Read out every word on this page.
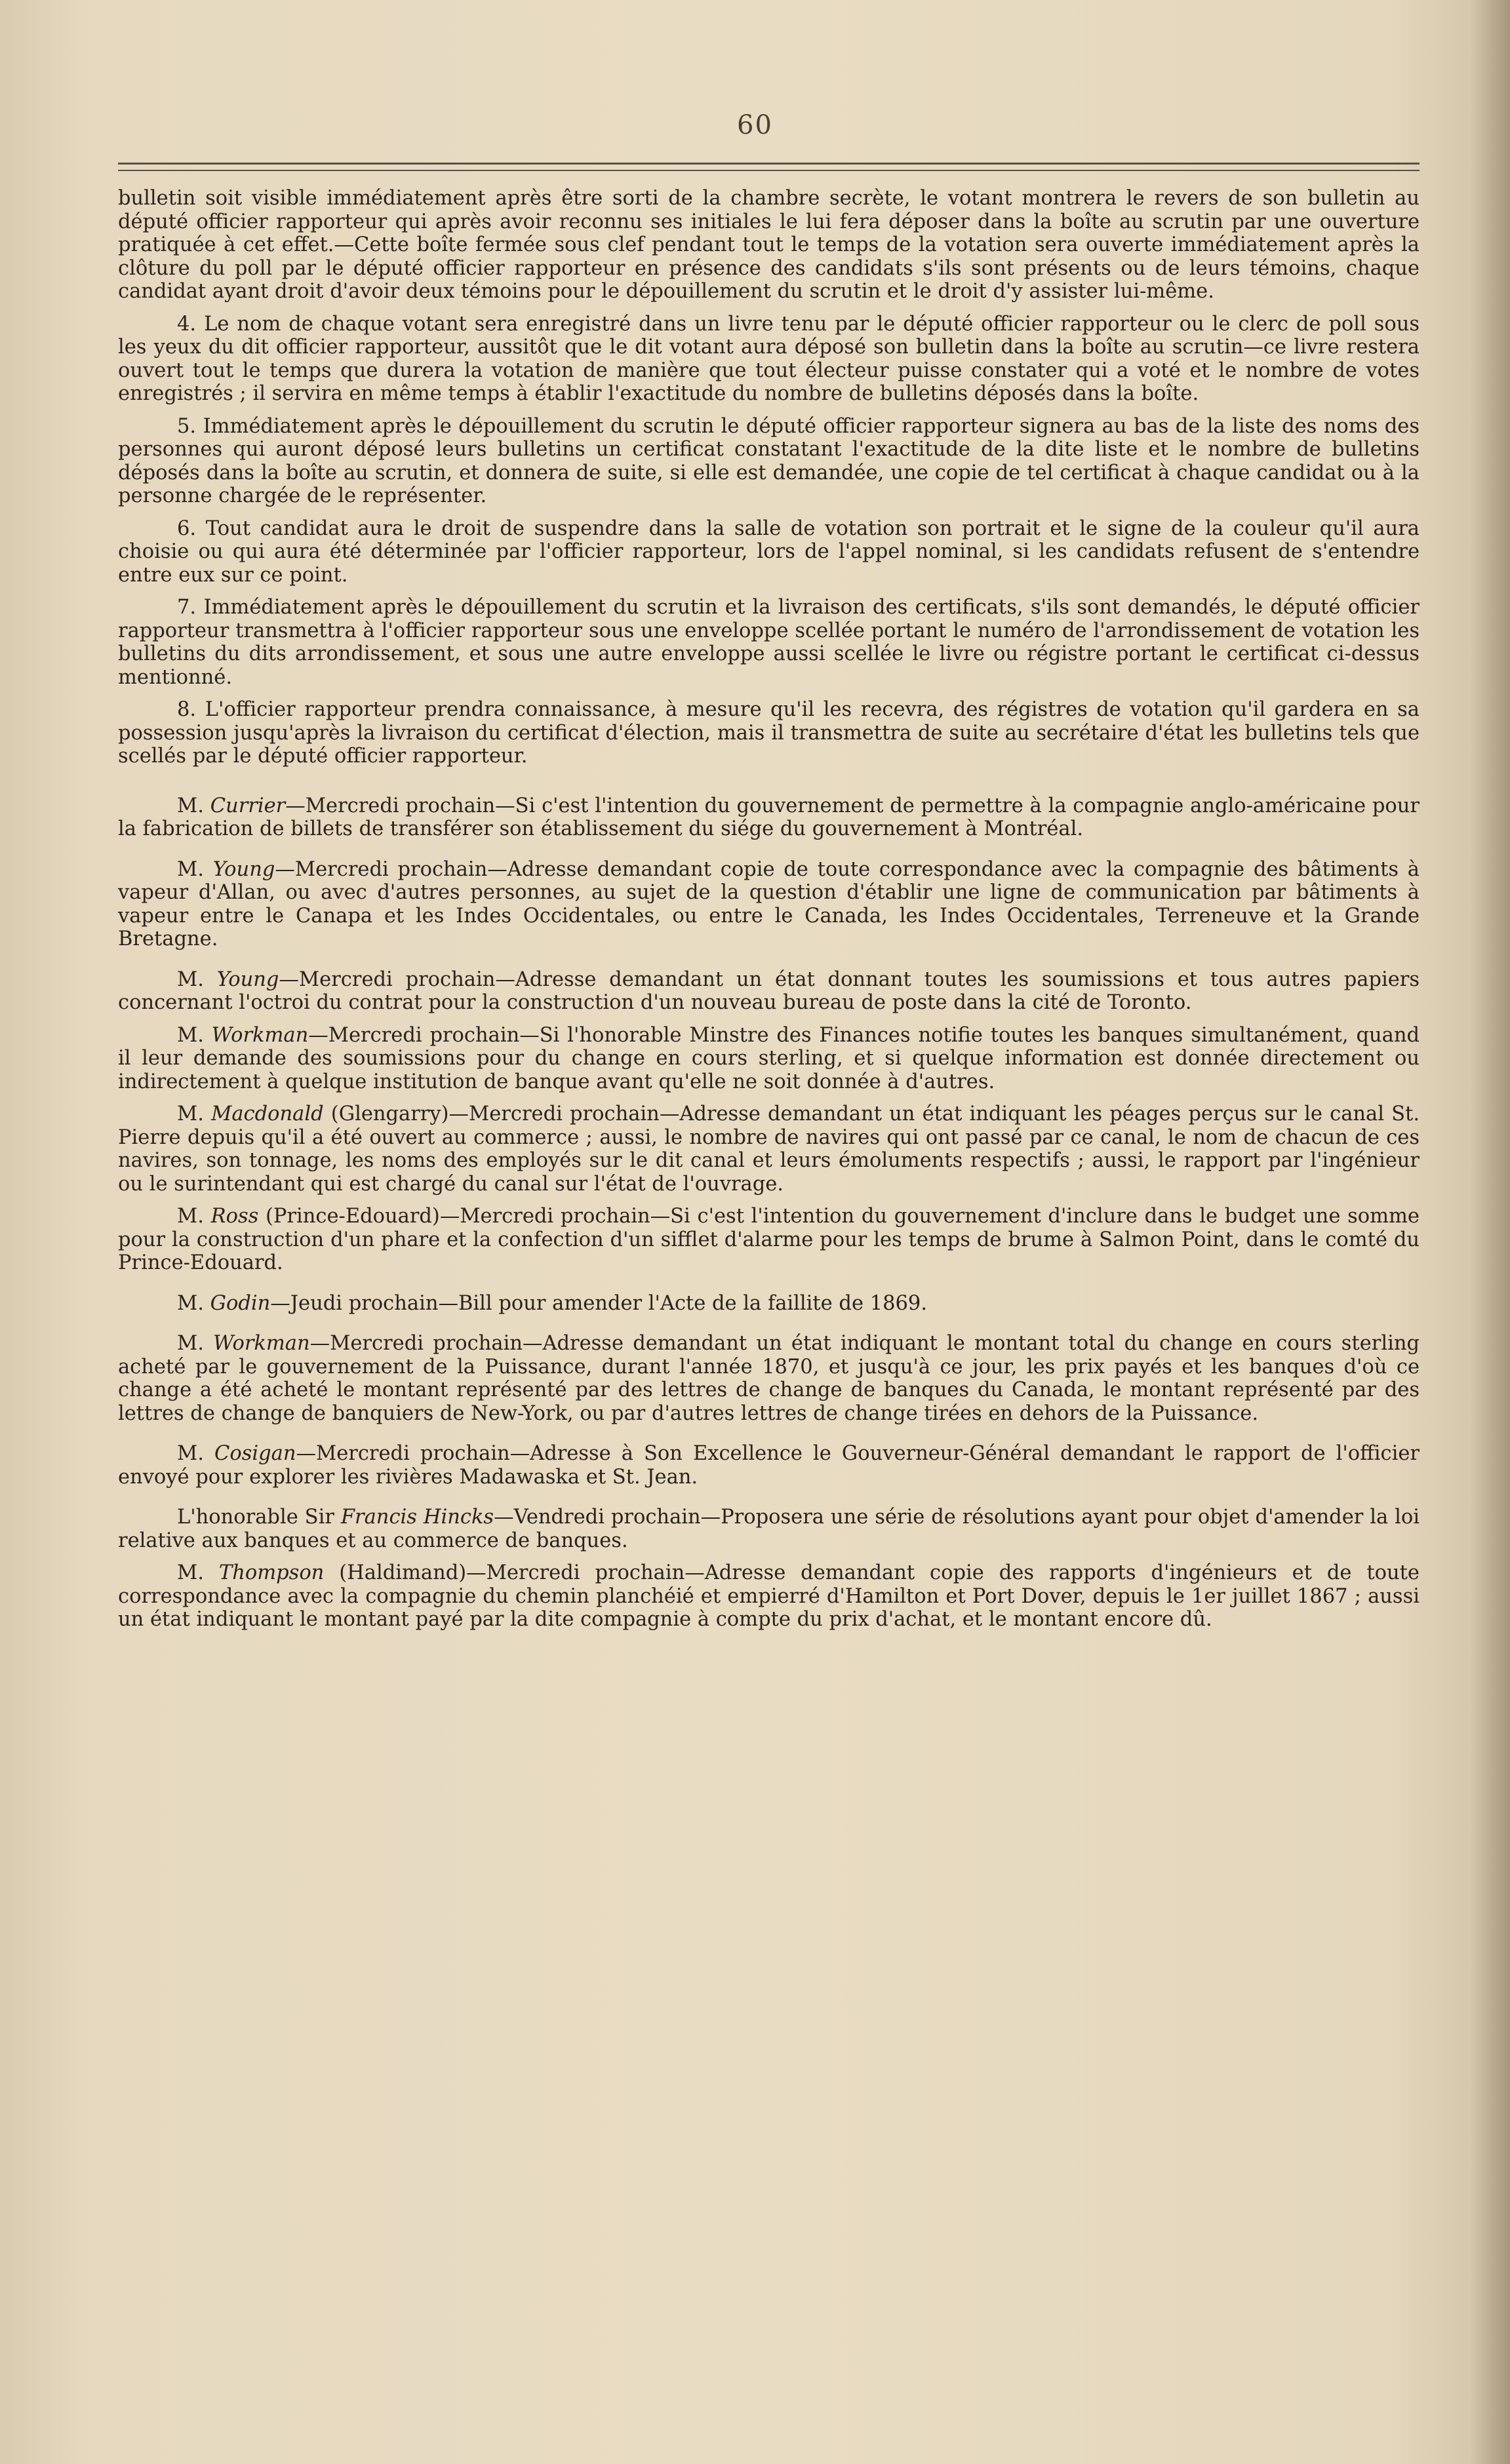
60

bulletin soit visible immédiatement après être sorti de la chambre secrète, le votant montrera le revers de son bulletin au député officier rapporteur qui après avoir reconnu ses initiales le lui fera déposer dans la boîte au scrutin par une ouverture pratiquée à cet effet.—Cette boîte fermée sous clef pendant tout le temps de la votation sera ouverte immédiatement après la clôture du poll par le député officier rapporteur en présence des candidats s'ils sont présents ou de leurs témoins, chaque candidat ayant droit d'avoir deux témoins pour le dépouillement du scrutin et le droit d'y assister lui-même.

4. Le nom de chaque votant sera enregistré dans un livre tenu par le député officier rapporteur ou le clerc de poll sous les yeux du dit officier rapporteur, aussitôt que le dit votant aura déposé son bulletin dans la boîte au scrutin—ce livre restera ouvert tout le temps que durera la votation de manière que tout électeur puisse constater qui a voté et le nombre de votes enregistrés ; il servira en même temps à établir l'exactitude du nombre de bulletins déposés dans la boîte.

5. Immédiatement après le dépouillement du scrutin le député officier rapporteur signera au bas de la liste des noms des personnes qui auront déposé leurs bulletins un certificat constatant l'exactitude de la dite liste et le nombre de bulletins déposés dans la boîte au scrutin, et donnera de suite, si elle est demandée, une copie de tel certificat à chaque candidat ou à la personne chargée de le représenter.

6. Tout candidat aura le droit de suspendre dans la salle de votation son portrait et le signe de la couleur qu'il aura choisie ou qui aura été déterminée par l'officier rapporteur, lors de l'appel nominal, si les candidats refusent de s'entendre entre eux sur ce point.

7. Immédiatement après le dépouillement du scrutin et la livraison des certificats, s'ils sont demandés, le député officier rapporteur transmettra à l'officier rapporteur sous une enveloppe scellée portant le numéro de l'arrondissement de votation les bulletins du dits arrondissement, et sous une autre enveloppe aussi scellée le livre ou régistre portant le certificat ci-dessus mentionné.

8. L'officier rapporteur prendra connaissance, à mesure qu'il les recevra, des régistres de votation qu'il gardera en sa possession jusqu'après la livraison du certificat d'élection, mais il transmettra de suite au secrétaire d'état les bulletins tels que scellés par le député officier rapporteur.

M. Currier—Mercredi prochain—Si c'est l'intention du gouvernement de permettre à la compagnie anglo-américaine pour la fabrication de billets de transférer son établissement du siége du gouvernement à Montréal.

M. Young—Mercredi prochain—Adresse demandant copie de toute correspondance avec la compagnie des bâtiments à vapeur d'Allan, ou avec d'autres personnes, au sujet de la question d'établir une ligne de communication par bâtiments à vapeur entre le Canapa et les Indes Occidentales, ou entre le Canada, les Indes Occidentales, Terreneuve et la Grande Bretagne.

M. Young—Mercredi prochain—Adresse demandant un état donnant toutes les soumissions et tous autres papiers concernant l'octroi du contrat pour la construction d'un nouveau bureau de poste dans la cité de Toronto.

M. Workman—Mercredi prochain—Si l'honorable Minstre des Finances notifie toutes les banques simultanément, quand il leur demande des soumissions pour du change en cours sterling, et si quelque information est donnée directement ou indirectement à quelque institution de banque avant qu'elle ne soit donnée à d'autres.

M. Macdonald (Glengarry)—Mercredi prochain—Adresse demandant un état indiquant les péages perçus sur le canal St. Pierre depuis qu'il a été ouvert au commerce ; aussi, le nombre de navires qui ont passé par ce canal, le nom de chacun de ces navires, son tonnage, les noms des employés sur le dit canal et leurs émoluments respectifs ; aussi, le rapport par l'ingénieur ou le surintendant qui est chargé du canal sur l'état de l'ouvrage.

M. Ross (Prince-Edouard)—Mercredi prochain—Si c'est l'intention du gouvernement d'inclure dans le budget une somme pour la construction d'un phare et la confection d'un sifflet d'alarme pour les temps de brume à Salmon Point, dans le comté du Prince-Edouard.

M. Godin—Jeudi prochain—Bill pour amender l'Acte de la faillite de 1869.

M. Workman—Mercredi prochain—Adresse demandant un état indiquant le montant total du change en cours sterling acheté par le gouvernement de la Puissance, durant l'année 1870, et jusqu'à ce jour, les prix payés et les banques d'où ce change a été acheté le montant représenté par des lettres de change de banques du Canada, le montant représenté par des lettres de change de banquiers de New-York, ou par d'autres lettres de change tirées en dehors de la Puissance.

M. Cosigan—Mercredi prochain—Adresse à Son Excellence le Gouverneur-Général demandant le rapport de l'officier envoyé pour explorer les rivières Madawaska et St. Jean.

L'honorable Sir Francis Hincks—Vendredi prochain—Proposera une série de résolutions ayant pour objet d'amender la loi relative aux banques et au commerce de banques.

M. Thompson (Haldimand)—Mercredi prochain—Adresse demandant copie des rapports d'ingénieurs et de toute correspondance avec la compagnie du chemin planchéié et empierré d'Hamilton et Port Dover, depuis le 1er juillet 1867 ; aussi un état indiquant le montant payé par la dite compagnie à compte du prix d'achat, et le montant encore dû.
